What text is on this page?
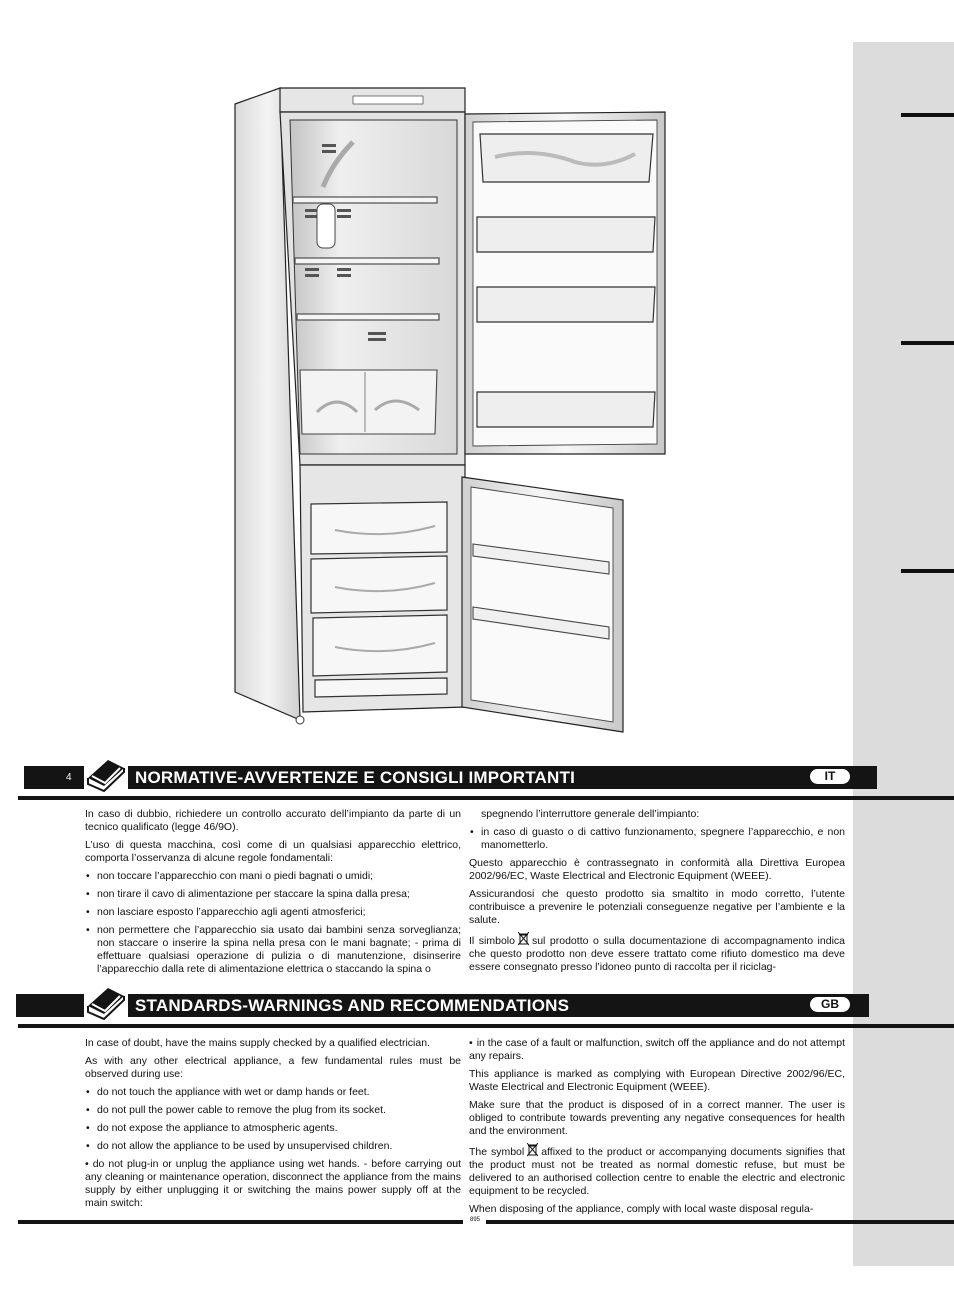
4	NORMATIVE-AVVERTENZE E CONSIGLI IMPORTANTI	IT

In caso di dubbio, richiedere un controllo accurato dell’impianto da parte di un tecnico qualificato (legge 46/9O).

L’uso di questa macchina, così come di un qualsiasi apparecchio elettrico, comporta l’osservanza di alcune regole fondamentali:

• non toccare l’apparecchio con mani o piedi bagnati o umidi;
• non tirare il cavo di alimentazione per staccare la spina dalla presa;
• non lasciare esposto l’apparecchio agli agenti atmosferici;
• non permettere che l’apparecchio sia usato dai bambini senza sorveglianza; non staccare o inserire la spina nella presa con le mani bagnate; - prima di effettuare qualsiasi operazione di pulizia o di manutenzione, disinserire l’apparecchio dalla rete di alimentazione elettrica o staccando la spina o

spegnendo l’interruttore generale dell’impianto:

• in caso di guasto o di cattivo funzionamento, spegnere l’apparecchio, e non manometterlo.

Questo apparecchio è contrassegnato in conformità alla Direttiva Europea 2002/96/EC, Waste Electrical and Electronic Equipment (WEEE).

Assicurandosi che questo prodotto sia smaltito in modo corretto, l’utente contribuisce a prevenire le potenziali conseguenze negative per l’ambiente e la salute.

Il simbolo sul prodotto o sulla documentazione di accompagnamento indica che questo prodotto non deve essere trattato come rifiuto domestico ma deve essere consegnato presso l’idoneo punto di raccolta per il riciclag-

STANDARDS-WARNINGS AND RECOMMENDATIONS	GB

In case of doubt, have the mains supply checked by a qualified electrician.

As with any other electrical appliance, a few fundamental rules must be observed during use:

• do not touch the appliance with wet or damp hands or feet.
• do not pull the power cable to remove the plug from its socket.
• do not expose the appliance to atmospheric agents.
• do not allow the appliance to be used by unsupervised children.
• do not plug-in or unplug the appliance using wet hands. - before carrying out any cleaning or maintenance operation, disconnect the appliance from the mains supply by either unplugging it or switching the mains power supply off at the main switch:
• in the case of a fault or malfunction, switch off the appliance and do not attempt any repairs.

This appliance is marked as complying with European Directive 2002/96/EC, Waste Electrical and Electronic Equipment (WEEE).

Make sure that the product is disposed of in a correct manner. The user is obliged to contribute towards preventing any negative consequences for health and the environment.

The symbol affixed to the product or accompanying documents signifies that the product must not be treated as normal domestic refuse, but must be delivered to an authorised collection centre to enable the electric and electronic equipment to be recycled.

When disposing of the appliance, comply with local waste disposal regula-

895
